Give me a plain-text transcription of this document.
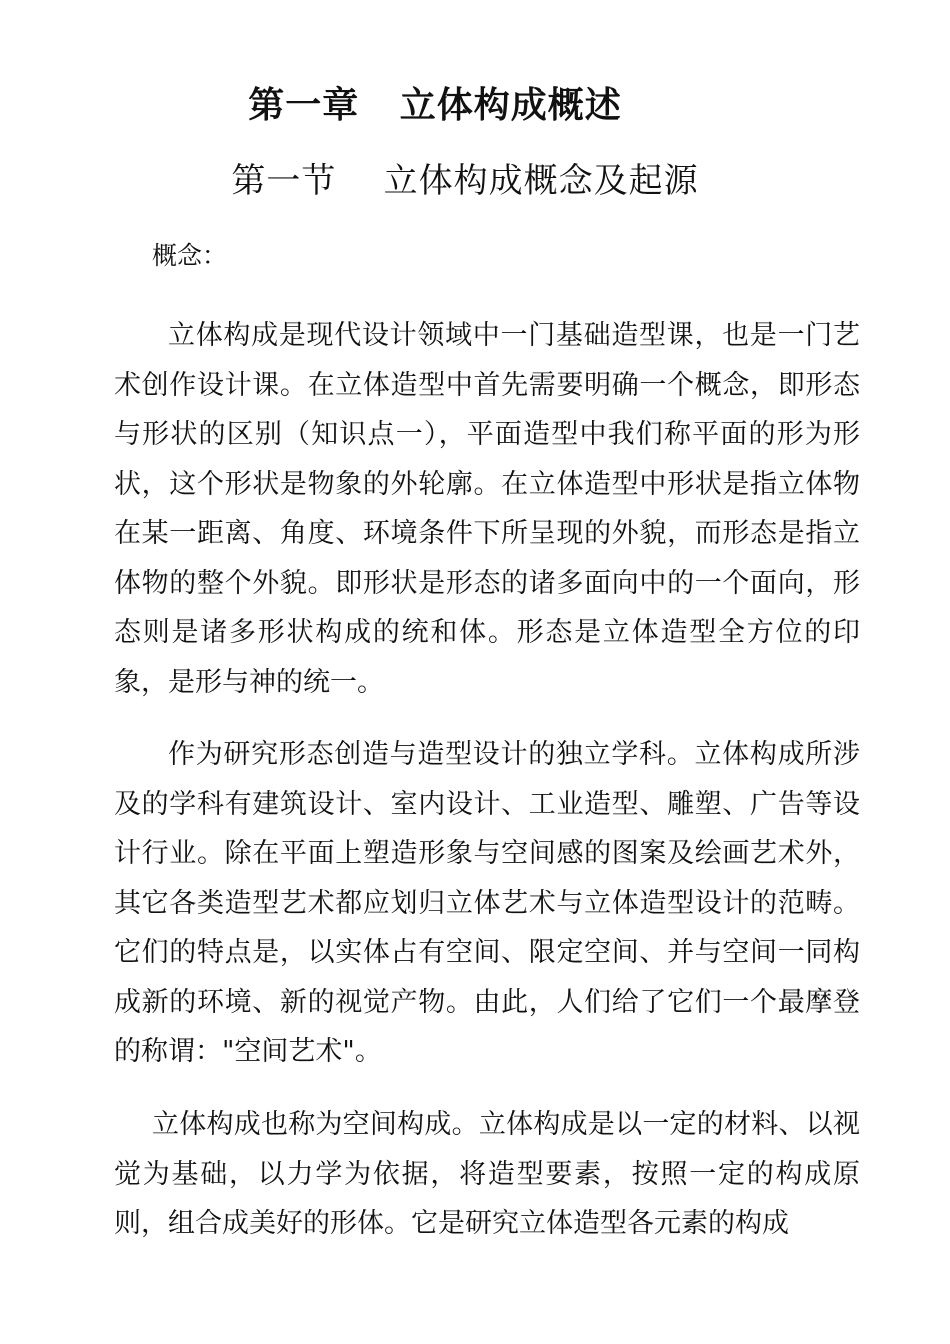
第一章   立体构成概述
第一节    立体构成概念及起源
概念：

立体构成是现代设计领域中一门基础造型课，也是一门艺术创作设计课。在立体造型中首先需要明确一个概念，即形态与形状的区别（知识点一），平面造型中我们称平面的形为形状，这个形状是物象的外轮廓。在立体造型中形状是指立体物在某一距离、角度、环境条件下所呈现的外貌，而形态是指立体物的整个外貌。即形状是形态的诸多面向中的一个面向，形态则是诸多形状构成的统和体。形态是立体造型全方位的印象，是形与神的统一。

作为研究形态创造与造型设计的独立学科。立体构成所涉及的学科有建筑设计、室内设计、工业造型、雕塑、广告等设计行业。除在平面上塑造形象与空间感的图案及绘画艺术外，其它各类造型艺术都应划归立体艺术与立体造型设计的范畴。它们的特点是，以实体占有空间、限定空间、并与空间一同构成新的环境、新的视觉产物。由此，人们给了它们一个最摩登的称谓："空间艺术"。

立体构成也称为空间构成。立体构成是以一定的材料、以视觉为基础，以力学为依据，将造型要素，按照一定的构成原则，组合成美好的形体。它是研究立体造型各元素的构成
